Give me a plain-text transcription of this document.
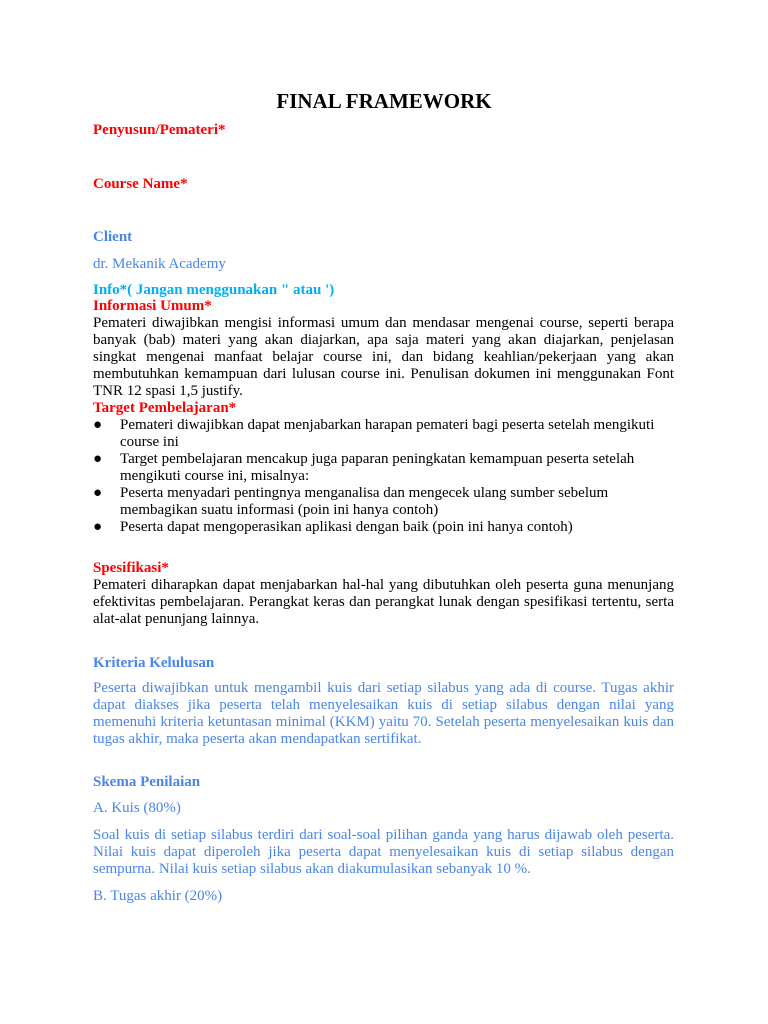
FINAL FRAMEWORK
Penyusun/Pemateri*
Course Name*
Client
dr. Mekanik Academy
Info*( Jangan menggunakan " atau ')
Informasi Umum*
Pemateri diwajibkan mengisi informasi umum dan mendasar mengenai course, seperti berapa banyak (bab) materi yang akan diajarkan, apa saja materi yang akan diajarkan, penjelasan singkat mengenai manfaat belajar course ini, dan bidang keahlian/pekerjaan yang akan membutuhkan kemampuan dari lulusan course ini. Penulisan dokumen ini menggunakan Font TNR 12 spasi 1,5 justify.
Target Pembelajaran*
● Pemateri diwajibkan dapat menjabarkan harapan pemateri bagi peserta setelah mengikuti course ini
● Target pembelajaran mencakup juga paparan peningkatan kemampuan peserta setelah mengikuti course ini, misalnya:
● Peserta menyadari pentingnya menganalisa dan mengecek ulang sumber sebelum membagikan suatu informasi (poin ini hanya contoh)
● Peserta dapat mengoperasikan aplikasi dengan baik (poin ini hanya contoh)
Spesifikasi*
Pemateri diharapkan dapat menjabarkan hal-hal yang dibutuhkan oleh peserta guna menunjang efektivitas pembelajaran. Perangkat keras dan perangkat lunak dengan spesifikasi tertentu, serta alat-alat penunjang lainnya.
Kriteria Kelulusan
Peserta diwajibkan untuk mengambil kuis dari setiap silabus yang ada di course. Tugas akhir dapat diakses jika peserta telah menyelesaikan kuis di setiap silabus dengan nilai yang memenuhi kriteria ketuntasan minimal (KKM) yaitu 70. Setelah peserta menyelesaikan kuis dan tugas akhir, maka peserta akan mendapatkan sertifikat.
Skema Penilaian
A. Kuis (80%)
Soal kuis di setiap silabus terdiri dari soal-soal pilihan ganda yang harus dijawab oleh peserta. Nilai kuis dapat diperoleh jika peserta dapat menyelesaikan kuis di setiap silabus dengan sempurna. Nilai kuis setiap silabus akan diakumulasikan sebanyak 10 %.
B. Tugas akhir (20%)
